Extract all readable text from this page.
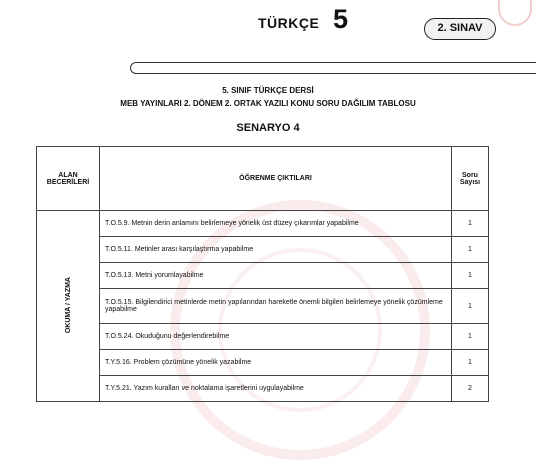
TÜRKÇE 5	2. SINAV
5. SINIF TÜRKÇE DERSİ
MEB YAYINLARI 2. DÖNEM 2. ORTAK YAZILI KONU SORU DAĞILIM TABLOSU
SENARYO 4
ALAN BECERİLERİ	ÖĞRENME ÇIKTILARI	Soru Sayısı
OKUMA / YAZMA	T.O.5.9. Metnin derin anlamını belirlemeye yönelik üst düzey çıkarımlar yapabilme	1
	T.O.5.11. Metinler arası karşılaştırma yapabilme	1
	T.O.5.13. Metni yorumlayabilme	1
	T.O.5.15. Bilgilendirici metinlerde metin yapılarından hareketle önemli bilgileri belirlemeye yönelik çözümleme yapabilme	1
	T.O.5.24. Okuduğunu değerlendirebilme	1
	T.Y.5.16. Problem çözümüne yönelik yazabilme	1
	T.Y.5.21. Yazım kuralları ve noktalama işaretlerini uygulayabilme	2
